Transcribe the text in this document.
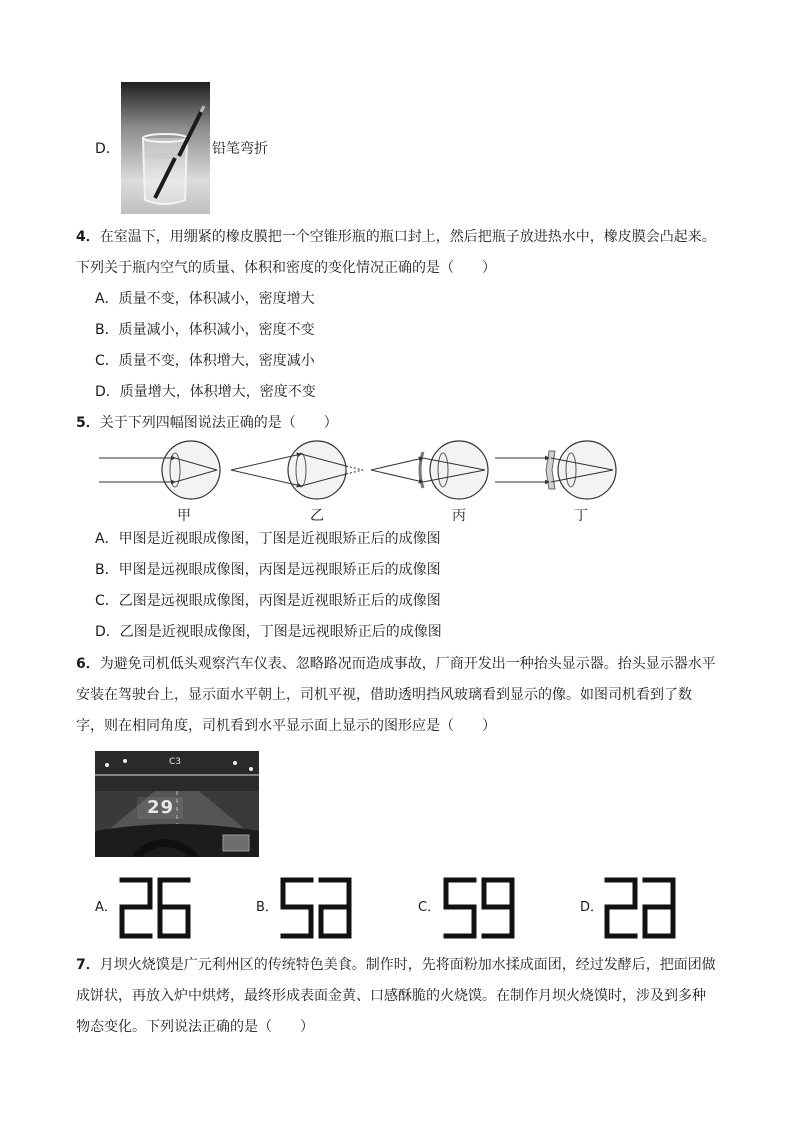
D．	铅笔弯折
4．在室温下，用绷紧的橡皮膜把一个空锥形瓶的瓶口封上，然后把瓶子放进热水中，橡皮膜会凸起来。
下列关于瓶内空气的质量、体积和密度的变化情况正确的是（　　）
A．质量不变，体积减小，密度增大
B．质量减小，体积减小，密度不变
C．质量不变，体积增大，密度减小
D．质量增大，体积增大，密度不变
5．关于下列四幅图说法正确的是（　　）
甲	乙	丙	丁
A．甲图是近视眼成像图，丁图是近视眼矫正后的成像图
B．甲图是远视眼成像图，丙图是远视眼矫正后的成像图
C．乙图是远视眼成像图，丙图是近视眼矫正后的成像图
D．乙图是近视眼成像图，丁图是远视眼矫正后的成像图
6．为避免司机低头观察汽车仪表、忽略路况而造成事故，厂商开发出一种抬头显示器。抬头显示器水平
安装在驾驶台上，显示面水平朝上，司机平视，借助透明挡风玻璃看到显示的像。如图司机看到了数
字，则在相同角度，司机看到水平显示面上显示的图形应是（　　）
29
C3
A．	B．	C．	D．
7．月坝火烧馍是广元利州区的传统特色美食。制作时，先将面粉加水揉成面团，经过发酵后，把面团做
成饼状，再放入炉中烘烤，最终形成表面金黄、口感酥脆的火烧馍。在制作月坝火烧馍时，涉及到多种
物态变化。下列说法正确的是（　　）
